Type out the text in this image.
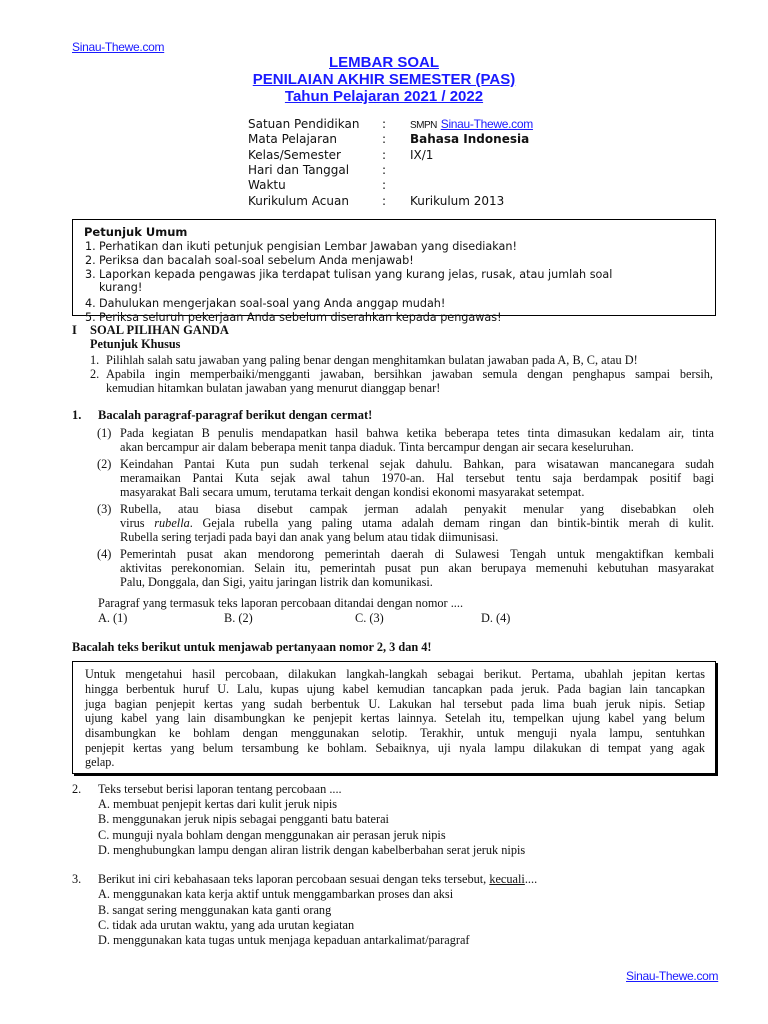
Sinau-Thewe.com
LEMBAR SOAL
PENILAIAN AKHIR SEMESTER (PAS)
Tahun Pelajaran 2021 / 2022
Satuan Pendidikan : SMPN Sinau-Thewe.com
Mata Pelajaran	: Bahasa Indonesia
Kelas/Semester	: IX/1
Hari dan Tanggal	:
Waktu	:
Kurikulum Acuan	: Kurikulum 2013
Petunjuk Umum
1. Perhatikan dan ikuti petunjuk pengisian Lembar Jawaban yang disediakan!
2. Periksa dan bacalah soal-soal sebelum Anda menjawab!
3. Laporkan kepada pengawas jika terdapat tulisan yang kurang jelas, rusak, atau jumlah soal
kurang!
4. Dahulukan mengerjakan soal-soal yang Anda anggap mudah!
5. Periksa seluruh pekerjaan Anda sebelum diserahkan kepada pengawas!
I SOAL PILIHAN GANDA
Petunjuk Khusus
1. Pilihlah salah satu jawaban yang paling benar dengan menghitamkan bulatan jawaban pada A, B, C, atau D!
2. Apabila ingin memperbaiki/mengganti jawaban, bersihkan jawaban semula dengan penghapus sampai bersih,
kemudian hitamkan bulatan jawaban yang menurut dianggap benar!
1. Bacalah paragraf-paragraf berikut dengan cermat!
(1) Pada kegiatan B penulis mendapatkan hasil bahwa ketika beberapa tetes tinta dimasukan kedalam air, tinta
akan bercampur air dalam beberapa menit tanpa diaduk. Tinta bercampur dengan air secara keseluruhan.
(2) Keindahan Pantai Kuta pun sudah terkenal sejak dahulu. Bahkan, para wisatawan mancanegara sudah
meramaikan Pantai Kuta sejak awal tahun 1970-an. Hal tersebut tentu saja berdampak positif bagi
masyarakat Bali secara umum, terutama terkait dengan kondisi ekonomi masyarakat setempat.
(3) Rubella, atau biasa disebut campak jerman adalah penyakit menular yang disebabkan oleh
virus rubella. Gejala rubella yang paling utama adalah demam ringan dan bintik-bintik merah di kulit.
Rubella sering terjadi pada bayi dan anak yang belum atau tidak diimunisasi.
(4) Pemerintah pusat akan mendorong pemerintah daerah di Sulawesi Tengah untuk mengaktifkan kembali
aktivitas perekonomian. Selain itu, pemerintah pusat pun akan berupaya memenuhi kebutuhan masyarakat
Palu, Donggala, dan Sigi, yaitu jaringan listrik dan komunikasi.
Paragraf yang termasuk teks laporan percobaan ditandai dengan nomor ....
A. (1)	B. (2)	C. (3)	D. (4)
Bacalah teks berikut untuk menjawab pertanyaan nomor 2, 3 dan 4!
Untuk mengetahui hasil percobaan, dilakukan langkah-langkah sebagai berikut. Pertama, ubahlah jepitan kertas
hingga berbentuk huruf U. Lalu, kupas ujung kabel kemudian tancapkan pada jeruk. Pada bagian lain tancapkan
juga bagian penjepit kertas yang sudah berbentuk U. Lakukan hal tersebut pada lima buah jeruk nipis. Setiap
ujung kabel yang lain disambungkan ke penjepit kertas lainnya. Setelah itu, tempelkan ujung kabel yang belum
disambungkan ke bohlam dengan menggunakan selotip. Terakhir, untuk menguji nyala lampu, sentuhkan
penjepit kertas yang belum tersambung ke bohlam. Sebaiknya, uji nyala lampu dilakukan di tempat yang agak
gelap.
2. Teks tersebut berisi laporan tentang percobaan ....
A. membuat penjepit kertas dari kulit jeruk nipis
B. menggunakan jeruk nipis sebagai pengganti batu baterai
C. munguji nyala bohlam dengan menggunakan air perasan jeruk nipis
D. menghubungkan lampu dengan aliran listrik dengan kabelberbahan serat jeruk nipis
3. Berikut ini ciri kebahasaan teks laporan percobaan sesuai dengan teks tersebut, kecuali....
A. menggunakan kata kerja aktif untuk menggambarkan proses dan aksi
B. sangat sering menggunakan kata ganti orang
C. tidak ada urutan waktu, yang ada urutan kegiatan
D. menggunakan kata tugas untuk menjaga kepaduan antarkalimat/paragraf
Sinau-Thewe.com
